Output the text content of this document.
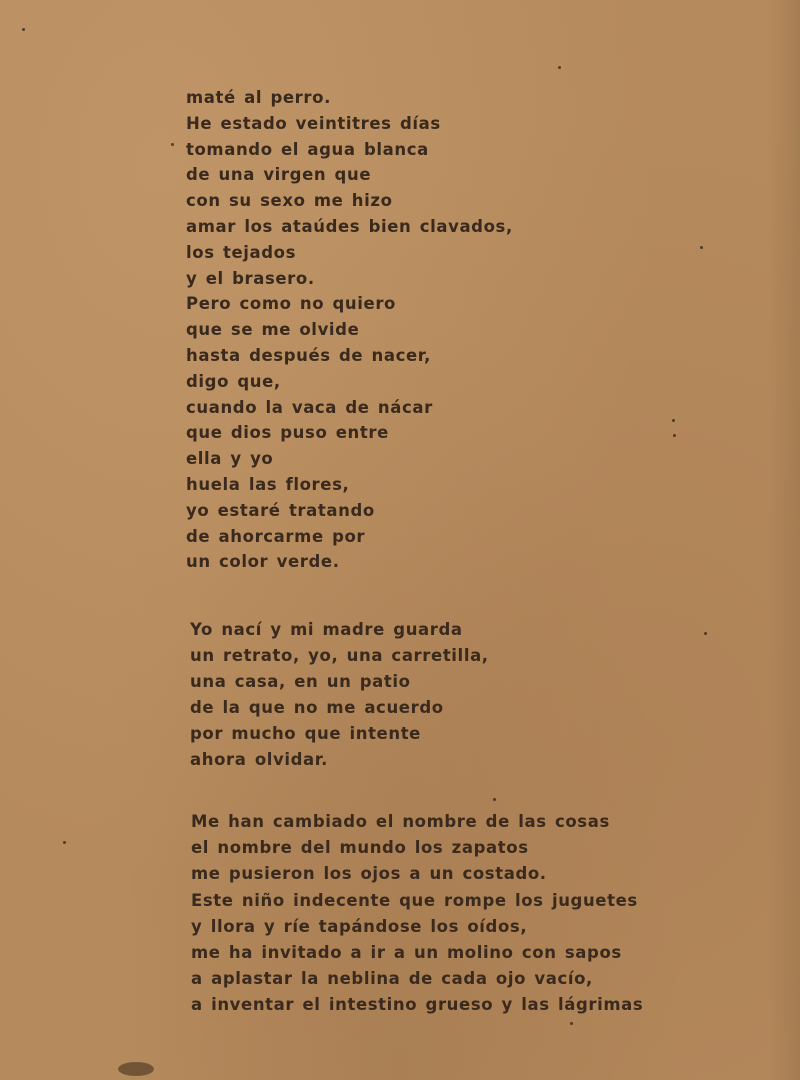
maté al perro.
He estado veintitres días
tomando el agua blanca
de una virgen que
con su sexo me hizo
amar los ataúdes bien clavados,
los tejados
y el brasero.
Pero como no quiero
que se me olvide
hasta después de nacer,
digo que,
cuando la vaca de nácar
que dios puso entre
ella y yo
huela las flores,
yo estaré tratando
de ahorcarme por
un color verde.
Yo nací y mi madre guarda
un retrato, yo, una carretilla,
una casa, en un patio
de la que no me acuerdo
por mucho que intente
ahora olvidar.
Me han cambiado el nombre de las cosas
el nombre del mundo los zapatos
me pusieron los ojos a un costado.
Este niño indecente que rompe los juguetes
y llora y ríe tapándose los oídos,
me ha invitado a ir a un molino con sapos
a aplastar la neblina de cada ojo vacío,
a inventar el intestino grueso y las lágrimas
